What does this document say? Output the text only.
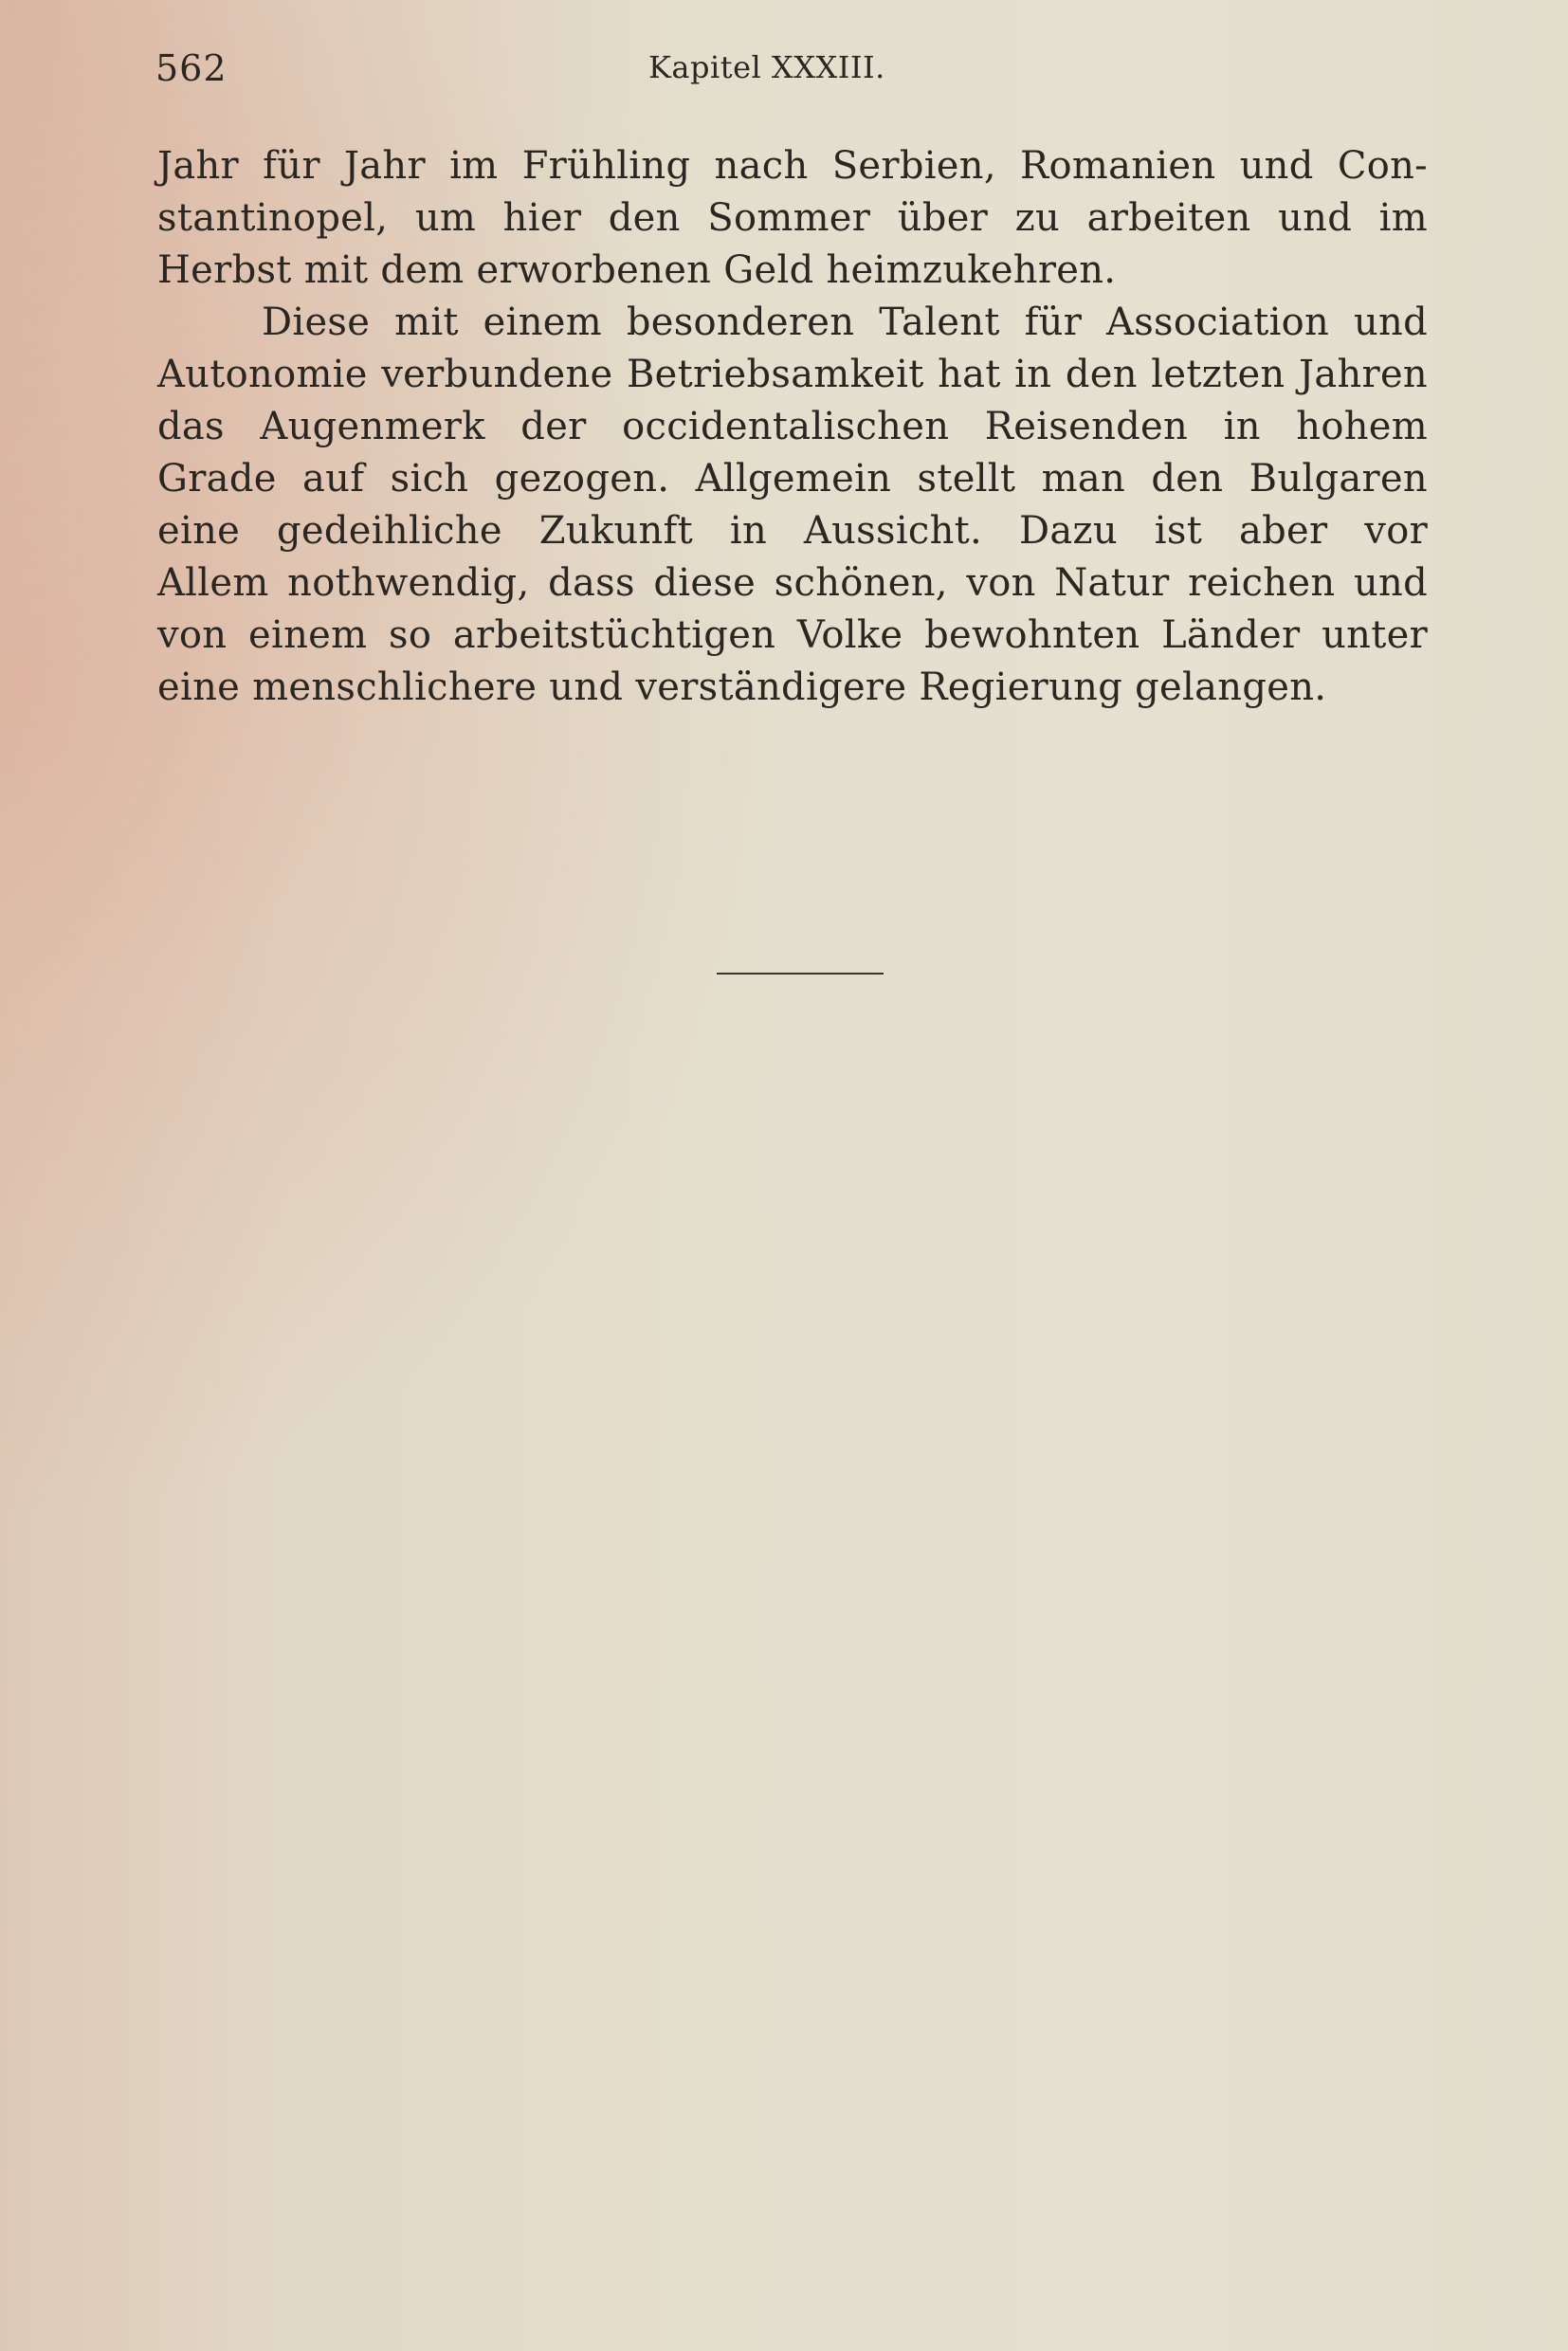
562	Kapitel XXXIII.
Jahr für Jahr im Frühling nach Serbien, Romanien und Con-
stantinopel, um hier den Sommer über zu arbeiten und im
Herbst mit dem erworbenen Geld heimzukehren.
Diese mit einem besonderen Talent für Association und
Autonomie verbundene Betriebsamkeit hat in den letzten Jahren
das Augenmerk der occidentalischen Reisenden in hohem
Grade auf sich gezogen. Allgemein stellt man den Bulgaren
eine gedeihliche Zukunft in Aussicht. Dazu ist aber vor
Allem nothwendig, dass diese schönen, von Natur reichen und
von einem so arbeitstüchtigen Volke bewohnten Länder unter
eine menschlichere und verständigere Regierung gelangen.
